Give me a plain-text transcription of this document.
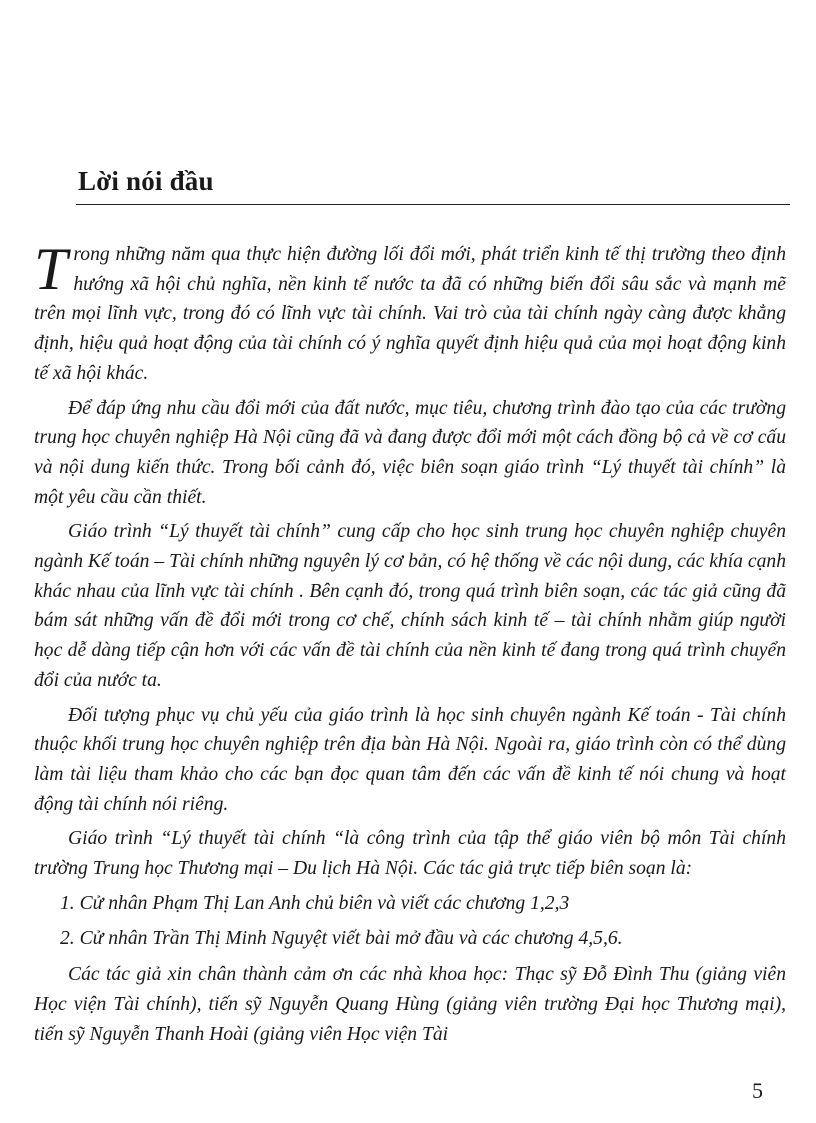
Lời nói đầu

Trong những năm qua thực hiện đường lối đổi mới, phát triển kinh tế thị trường theo định hướng xã hội chủ nghĩa, nền kinh tế nước ta đã có những biến đổi sâu sắc và mạnh mẽ trên mọi lĩnh vực, trong đó có lĩnh vực tài chính. Vai trò của tài chính ngày càng được khẳng định, hiệu quả hoạt động của tài chính có ý nghĩa quyết định hiệu quả của mọi hoạt động kinh tế xã hội khác.

Để đáp ứng nhu cầu đổi mới của đất nước, mục tiêu, chương trình đào tạo của các trường trung học chuyên nghiệp Hà Nội cũng đã và đang được đổi mới một cách đồng bộ cả về cơ cấu và nội dung kiến thức. Trong bối cảnh đó, việc biên soạn giáo trình “Lý thuyết tài chính” là một yêu cầu cần thiết.

Giáo trình “Lý thuyết tài chính” cung cấp cho học sinh trung học chuyên nghiệp chuyên ngành Kế toán – Tài chính những nguyên lý cơ bản, có hệ thống về các nội dung, các khía cạnh khác nhau của lĩnh vực tài chính . Bên cạnh đó, trong quá trình biên soạn, các tác giả cũng đã bám sát những vấn đề đổi mới trong cơ chế, chính sách kinh tế – tài chính nhằm giúp người học dễ dàng tiếp cận hơn với các vấn đề tài chính của nền kinh tế đang trong quá trình chuyển đổi của nước ta.

Đối tượng phục vụ chủ yếu của giáo trình là học sinh chuyên ngành Kế toán - Tài chính thuộc khối trung học chuyên nghiệp trên địa bàn Hà Nội. Ngoài ra, giáo trình còn có thể dùng làm tài liệu tham khảo cho các bạn đọc quan tâm đến các vấn đề kinh tế nói chung và hoạt động tài chính nói riêng.

Giáo trình “Lý thuyết tài chính “là công trình của tập thể giáo viên bộ môn Tài chính trường Trung học Thương mại – Du lịch Hà Nội. Các tác giả trực tiếp biên soạn là:

1. Cử nhân Phạm Thị Lan Anh chủ biên và viết các chương 1,2,3

2. Cử nhân Trần Thị Minh Nguyệt viết bài mở đầu và các chương 4,5,6.

Các tác giả xin chân thành cảm ơn các nhà khoa học: Thạc sỹ Đỗ Đình Thu (giảng viên Học viện Tài chính), tiến sỹ Nguyễn Quang Hùng (giảng viên trường Đại học Thương mại), tiến sỹ Nguyễn Thanh Hoài (giảng viên Học viện Tài

5
